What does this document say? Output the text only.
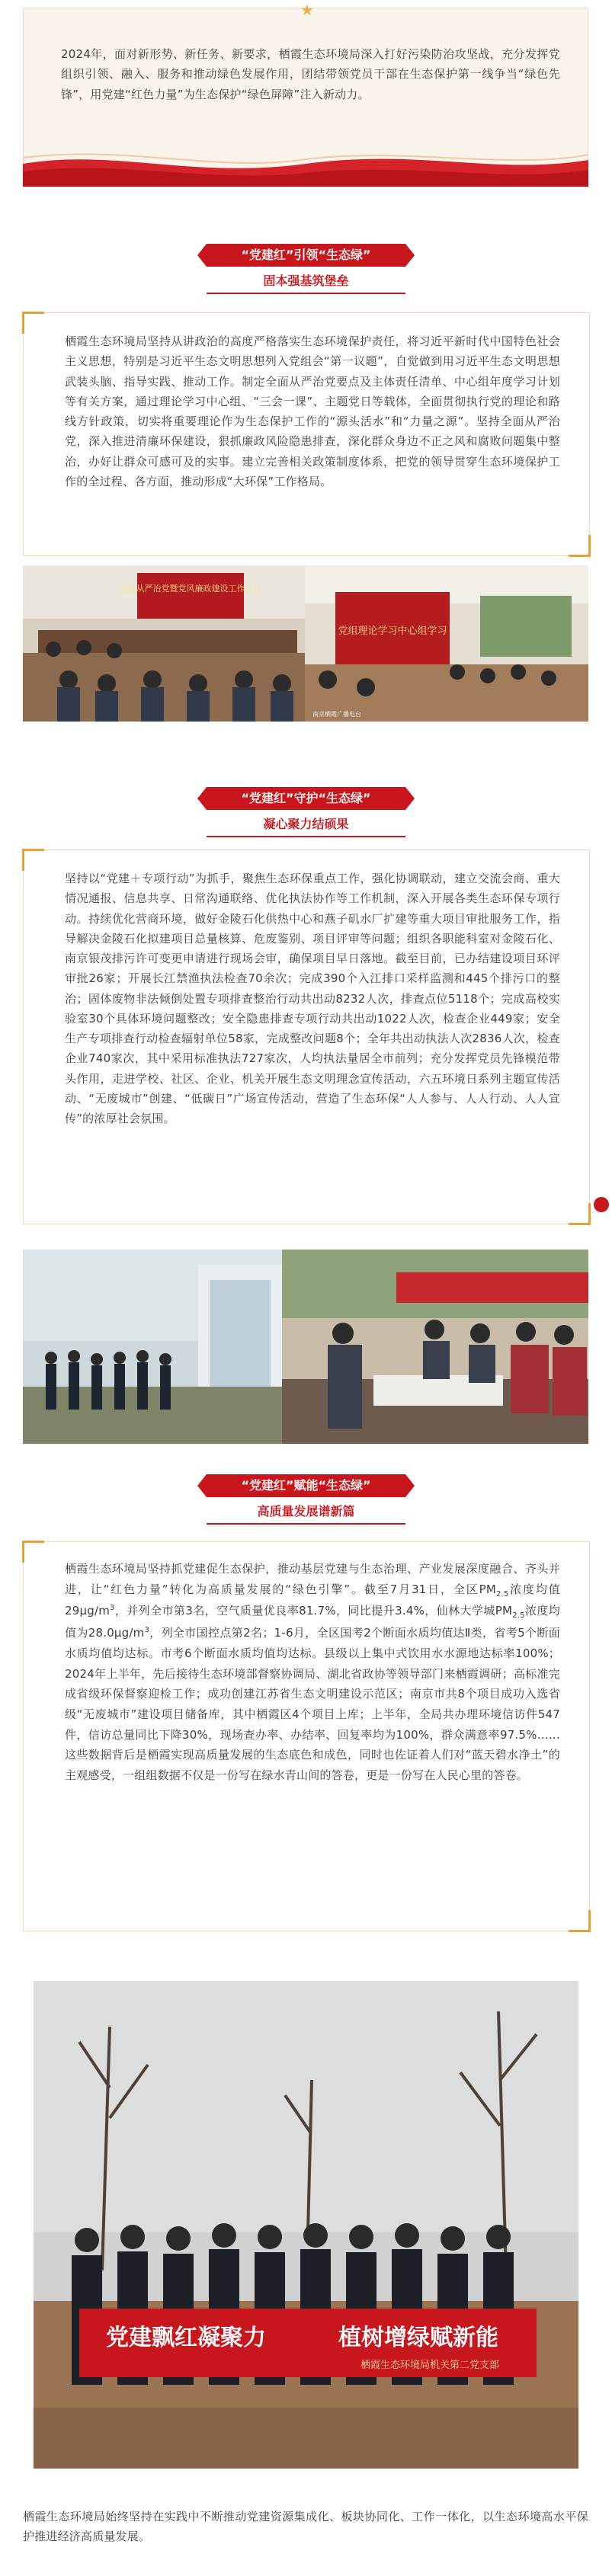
★
2024年，面对新形势、新任务、新要求，栖霞生态环境局深入打好污染防治攻坚战，充分发挥党组织引领、融入、服务和推动绿色发展作用，团结带领党员干部在生态保护第一线争当“绿色先锋”，用党建“红色力量”为生态保护“绿色屏障”注入新动力。
“党建红”引领“生态绿”
固本强基筑堡垒
栖霞生态环境局坚持从讲政治的高度严格落实生态环境保护责任，将习近平新时代中国特色社会主义思想，特别是习近平生态文明思想列入党组会“第一议题”，自觉做到用习近平生态文明思想武装头脑、指导实践、推动工作。制定全面从严治党要点及主体责任清单、中心组年度学习计划等有关方案，通过理论学习中心组、“三会一课”、主题党日等载体，全面贯彻执行党的理论和路线方针政策，切实将重要理论作为生态保护工作的“源头活水”和“力量之源”。坚持全面从严治党，深入推进清廉环保建设，狠抓廉政风险隐患排查，深化群众身边不正之风和腐败问题集中整治，办好让群众可感可及的实事。建立完善相关政策制度体系，把党的领导贯穿生态环境保护工作的全过程、各方面，推动形成“大环保”工作格局。
全面从严治党暨党风廉政建设工作会议
党组理论学习中心组学习
南京栖霞广播电台
“党建红”守护“生态绿”
凝心聚力结硕果
坚持以“党建＋专项行动”为抓手，聚焦生态环保重点工作，强化协调联动，建立交流会商、重大情况通报、信息共享、日常沟通联络、优化执法协作等工作机制，深入开展各类生态环保专项行动。持续优化营商环境，做好金陵石化供热中心和燕子矶水厂扩建等重大项目审批服务工作，指导解决金陵石化拟建项目总量核算、危废鉴别、项目评审等问题；组织各职能科室对金陵石化、南京银茂排污许可变更申请进行现场会审，确保项目早日落地。截至目前，已办结建设项目环评审批26家；开展长江禁渔执法检查70余次；完成390个入江排口采样监测和445个排污口的整治；固体废物非法倾倒处置专项排查整治行动共出动8232人次，排查点位5118个；完成高校实验室30个具体环境问题整改；安全隐患排查专项行动共出动1022人次，检查企业449家；安全生产专项排查行动检查辐射单位58家，完成整改问题8个；全年共出动执法人次2836人次，检查企业740家次，其中采用标准执法727家次，人均执法量居全市前列；充分发挥党员先锋模范带头作用，走进学校、社区、企业、机关开展生态文明理念宣传活动，六五环境日系列主题宣传活动、“无废城市”创建、“低碳日”广场宣传活动，营造了生态环保“人人参与、人人行动、人人宣传”的浓厚社会氛围。
“党建红”赋能“生态绿”
高质量发展谱新篇
栖霞生态环境局坚持抓党建促生态保护，推动基层党建与生态治理、产业发展深度融合、齐头并进，让“红色力量”转化为高质量发展的“绿色引擎”。截至7月31日，全区$PM_{2.5}$浓度均值$29\mu g/m^3$，并列全市第3名，空气质量优良率81.7%，同比提升3.4%，仙林大学城$PM_{2.5}$浓度均值为$28.0\mu g/m^3$，列全市国控点第2名；1-6月，全区国考2个断面水质均值达Ⅱ类，省考5个断面水质均值均达标。市考6个断面水质均值均达标。县级以上集中式饮用水水源地达标率100%；2024年上半年，先后接待生态环境部督察协调局、湖北省政协等领导部门来栖霞调研；高标准完成省级环保督察迎检工作；成功创建江苏省生态文明建设示范区；南京市共8个项目成功入选省级“无废城市”建设项目储备库，其中栖霞区4个项目上库；上半年，全局共办理环境信访件547件，信访总量同比下降30%，现场查办率、办结率、回复率均为100%，群众满意率97.5%……这些数据背后是栖霞实现高质量发展的生态底色和成色，同时也佐证着人们对“蓝天碧水净土”的主观感受，一组组数据不仅是一份写在绿水青山间的答卷，更是一份写在人民心里的答卷。
党建飘红凝聚力	植树增绿赋新能
栖霞生态环境局机关第二党支部
栖霞生态环境局始终坚持在实践中不断推动党建资源集成化、板块协同化、工作一体化，以生态环境高水平保护推进经济高质量发展。
